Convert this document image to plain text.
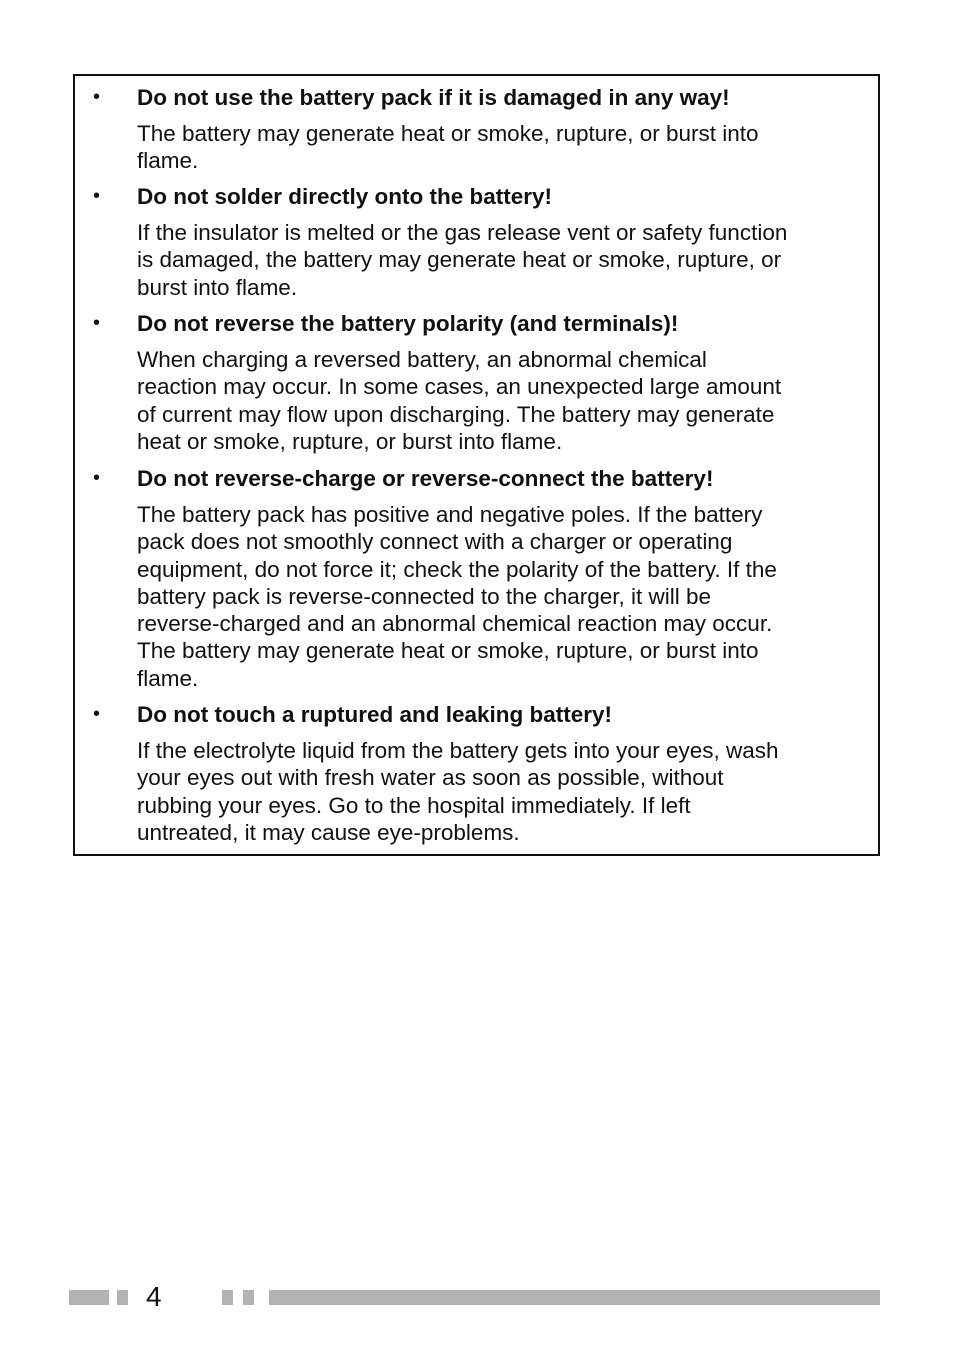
• Do not use the battery pack if it is damaged in any way!
The battery may generate heat or smoke, rupture, or burst into
flame.
• Do not solder directly onto the battery!
If the insulator is melted or the gas release vent or safety function
is damaged, the battery may generate heat or smoke, rupture, or
burst into flame.
• Do not reverse the battery polarity (and terminals)!
When charging a reversed battery, an abnormal chemical
reaction may occur. In some cases, an unexpected large amount
of current may flow upon discharging. The battery may generate
heat or smoke, rupture, or burst into flame.
• Do not reverse-charge or reverse-connect the battery!
The battery pack has positive and negative poles. If the battery
pack does not smoothly connect with a charger or operating
equipment, do not force it; check the polarity of the battery. If the
battery pack is reverse-connected to the charger, it will be
reverse-charged and an abnormal chemical reaction may occur.
The battery may generate heat or smoke, rupture, or burst into
flame.
• Do not touch a ruptured and leaking battery!
If the electrolyte liquid from the battery gets into your eyes, wash
your eyes out with fresh water as soon as possible, without
rubbing your eyes. Go to the hospital immediately. If left
untreated, it may cause eye-problems.
4
